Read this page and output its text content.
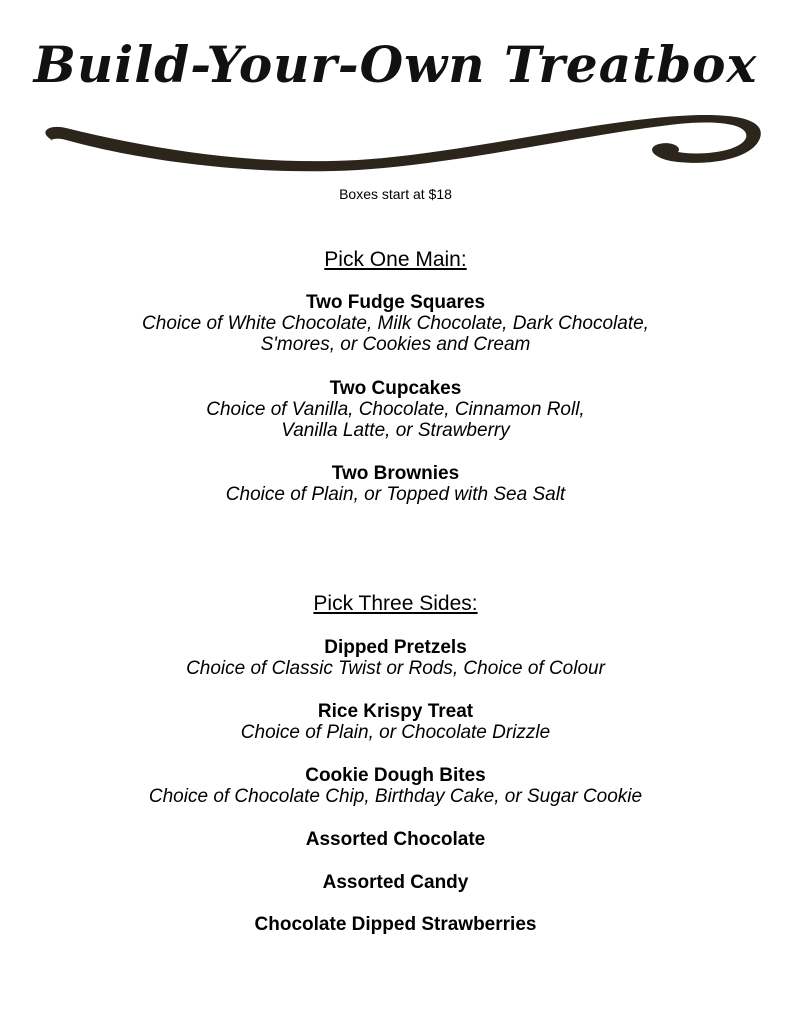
Build-Your-Own Treatbox
Boxes start at $18
Pick One Main:
Two Fudge Squares
Choice of White Chocolate, Milk Chocolate, Dark Chocolate,
S'mores, or Cookies and Cream
Two Cupcakes
Choice of Vanilla, Chocolate, Cinnamon Roll,
Vanilla Latte, or Strawberry
Two Brownies
Choice of Plain, or Topped with Sea Salt
Pick Three Sides:
Dipped Pretzels
Choice of Classic Twist or Rods, Choice of Colour
Rice Krispy Treat
Choice of Plain, or Chocolate Drizzle
Cookie Dough Bites
Choice of Chocolate Chip, Birthday Cake, or Sugar Cookie
Assorted Chocolate
Assorted Candy
Chocolate Dipped Strawberries
